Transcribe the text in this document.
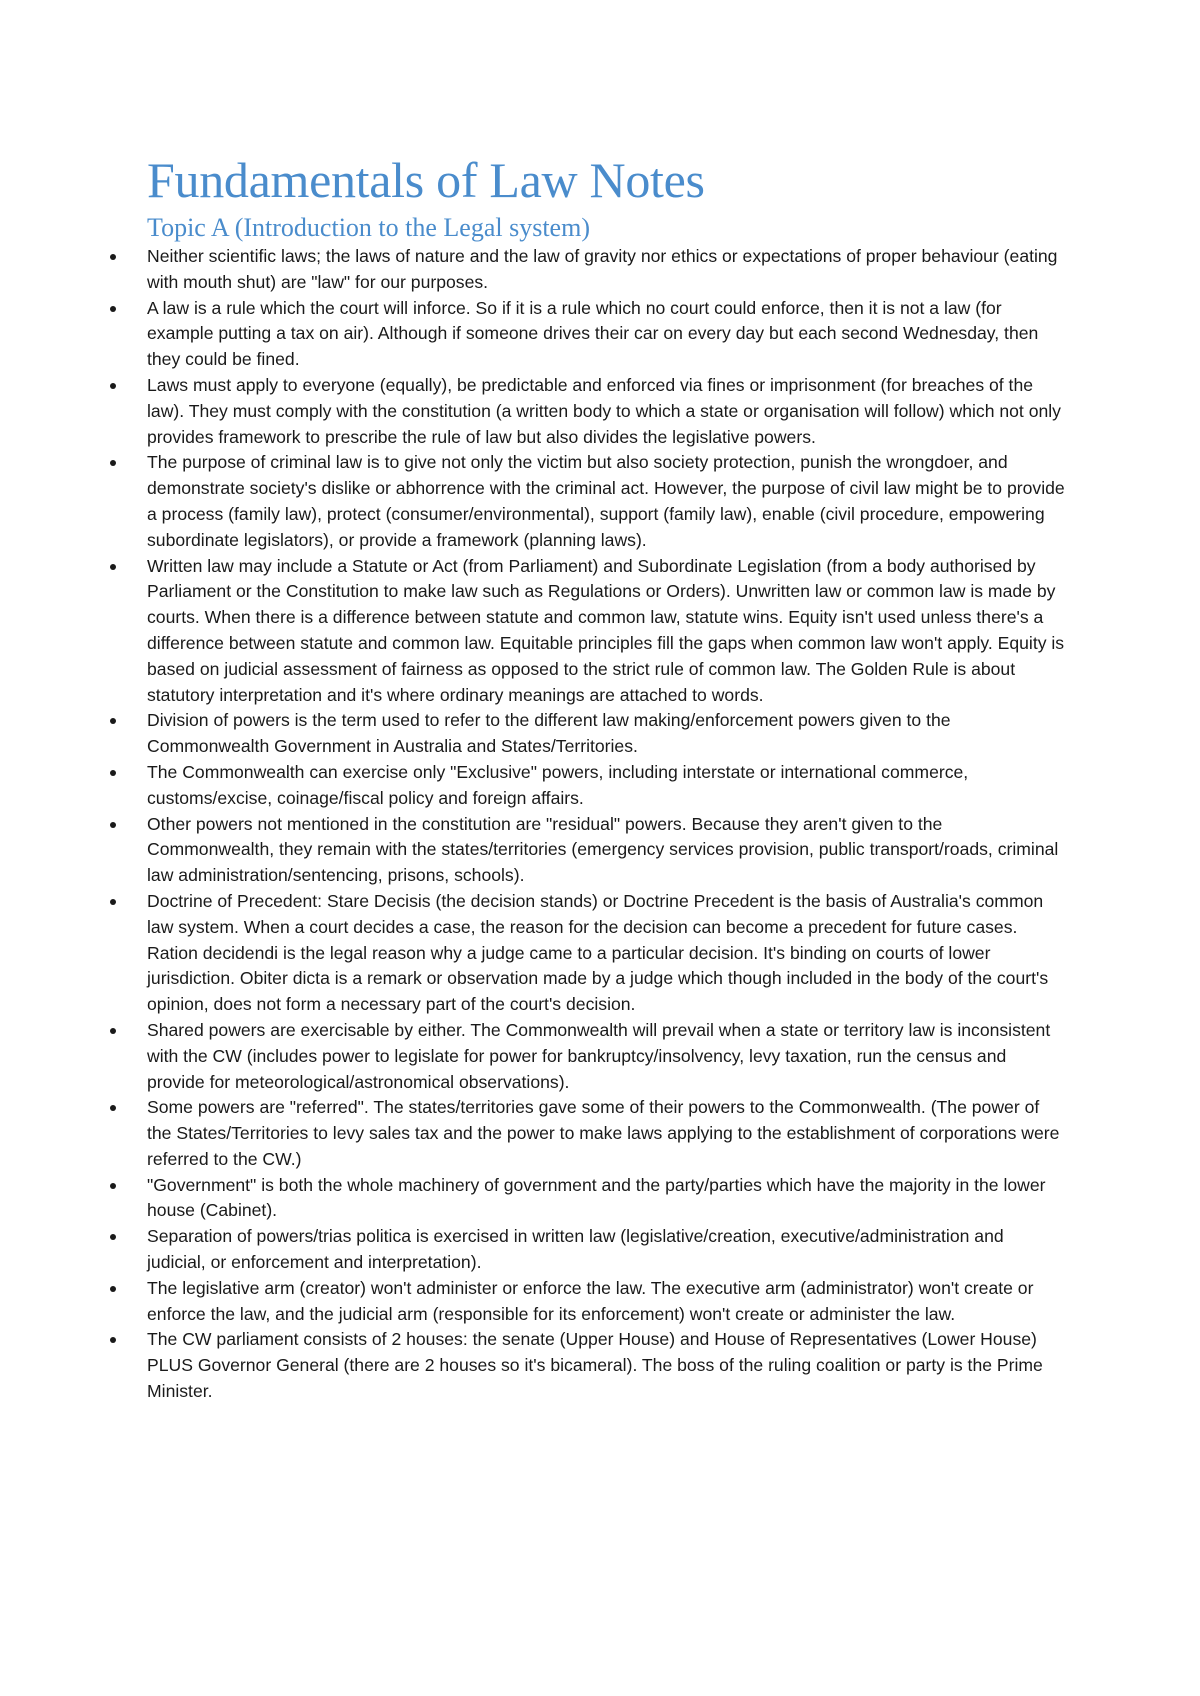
Fundamentals of Law Notes
Topic A (Introduction to the Legal system)
Neither scientific laws; the laws of nature and the law of gravity nor ethics or expectations of proper behaviour (eating with mouth shut) are "law" for our purposes.
A law is a rule which the court will inforce. So if it is a rule which no court could enforce, then it is not a law (for example putting a tax on air). Although if someone drives their car on every day but each second Wednesday, then they could be fined.
Laws must apply to everyone (equally), be predictable and enforced via fines or imprisonment (for breaches of the law). They must comply with the constitution (a written body to which a state or organisation will follow) which not only provides framework to prescribe the rule of law but also divides the legislative powers.
The purpose of criminal law is to give not only the victim but also society protection, punish the wrongdoer, and demonstrate society's dislike or abhorrence with the criminal act. However, the purpose of civil law might be to provide a process (family law), protect (consumer/environmental), support (family law), enable (civil procedure, empowering subordinate legislators), or provide a framework (planning laws).
Written law may include a Statute or Act (from Parliament) and Subordinate Legislation (from a body authorised by Parliament or the Constitution to make law such as Regulations or Orders). Unwritten law or common law is made by courts. When there is a difference between statute and common law, statute wins. Equity isn't used unless there's a difference between statute and common law. Equitable principles fill the gaps when common law won't apply. Equity is based on judicial assessment of fairness as opposed to the strict rule of common law. The Golden Rule is about statutory interpretation and it's where ordinary meanings are attached to words.
Division of powers is the term used to refer to the different law making/enforcement powers given to the Commonwealth Government in Australia and States/Territories.
The Commonwealth can exercise only "Exclusive" powers, including interstate or international commerce, customs/excise, coinage/fiscal policy and foreign affairs.
Other powers not mentioned in the constitution are "residual" powers. Because they aren't given to the Commonwealth, they remain with the states/territories (emergency services provision, public transport/roads, criminal law administration/sentencing, prisons, schools).
Doctrine of Precedent: Stare Decisis (the decision stands) or Doctrine Precedent is the basis of Australia's common law system. When a court decides a case, the reason for the decision can become a precedent for future cases. Ration decidendi is the legal reason why a judge came to a particular decision. It's binding on courts of lower jurisdiction. Obiter dicta is a remark or observation made by a judge which though included in the body of the court's opinion, does not form a necessary part of the court's decision.
Shared powers are exercisable by either. The Commonwealth will prevail when a state or territory law is inconsistent with the CW (includes power to legislate for power for bankruptcy/insolvency, levy taxation, run the census and provide for meteorological/astronomical observations).
Some powers are "referred". The states/territories gave some of their powers to the Commonwealth. (The power of the States/Territories to levy sales tax and the power to make laws applying to the establishment of corporations were referred to the CW.)
"Government" is both the whole machinery of government and the party/parties which have the majority in the lower house (Cabinet).
Separation of powers/trias politica is exercised in written law (legislative/creation, executive/administration and judicial, or enforcement and interpretation).
The legislative arm (creator) won't administer or enforce the law. The executive arm (administrator) won't create or enforce the law, and the judicial arm (responsible for its enforcement) won't create or administer the law.
The CW parliament consists of 2 houses: the senate (Upper House) and House of Representatives (Lower House) PLUS Governor General (there are 2 houses so it's bicameral). The boss of the ruling coalition or party is the Prime Minister.
